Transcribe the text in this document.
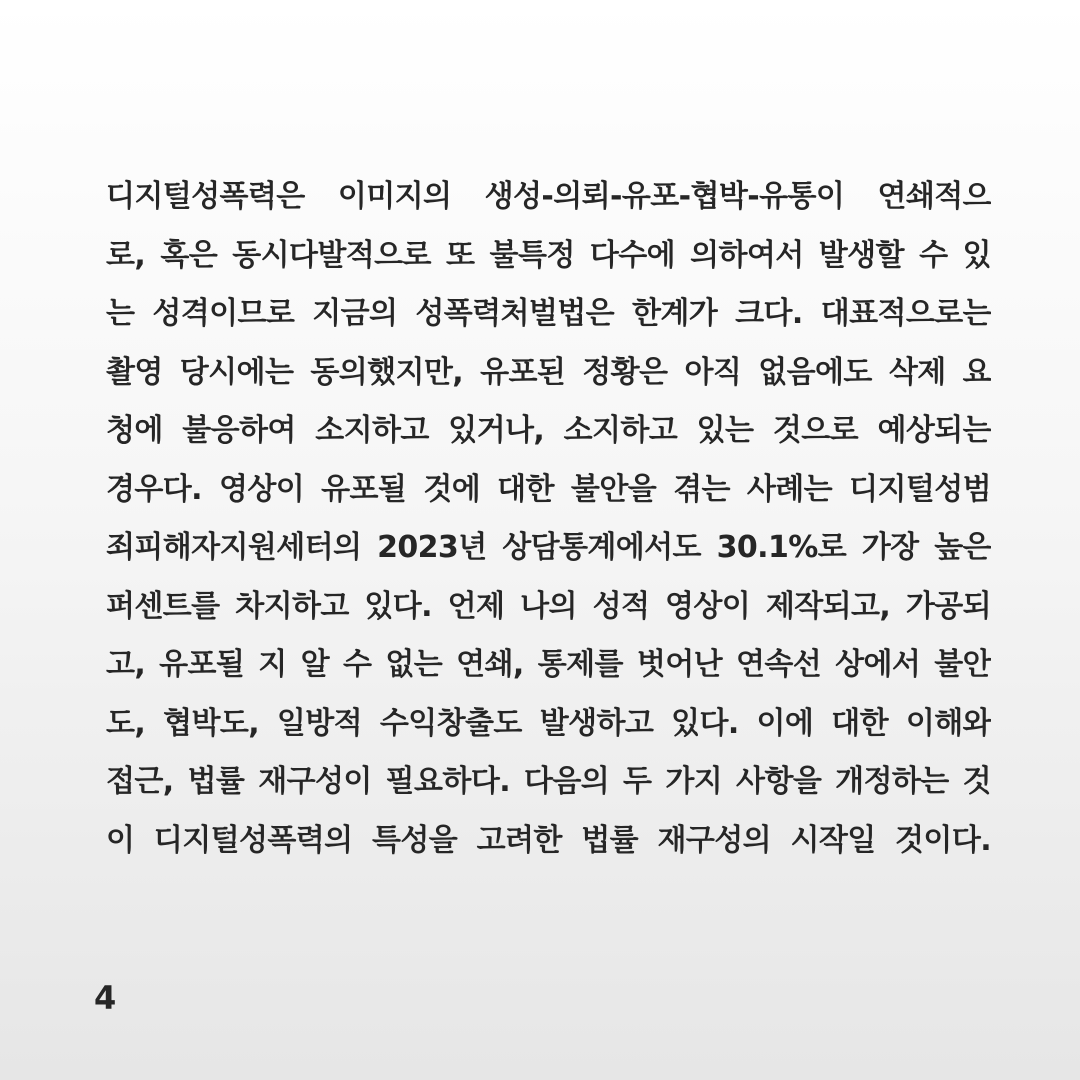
디지털성폭력은 이미지의 생성-의뢰-유포-협박-유통이 연쇄적으
로, 혹은 동시다발적으로 또 불특정 다수에 의하여서 발생할 수 있
는 성격이므로 지금의 성폭력처벌법은 한계가 크다. 대표적으로는
촬영 당시에는 동의했지만, 유포된 정황은 아직 없음에도 삭제 요
청에 불응하여 소지하고 있거나, 소지하고 있는 것으로 예상되는
경우다. 영상이 유포될 것에 대한 불안을 겪는 사례는 디지털성범
죄피해자지원세터의 2023년 상담통계에서도 30.1%로 가장 높은
퍼센트를 차지하고 있다. 언제 나의 성적 영상이 제작되고, 가공되
고, 유포될 지 알 수 없는 연쇄, 통제를 벗어난 연속선 상에서 불안
도, 협박도, 일방적 수익창출도 발생하고 있다. 이에 대한 이해와
접근, 법률 재구성이 필요하다. 다음의 두 가지 사항을 개정하는 것
이 디지털성폭력의 특성을 고려한 법률 재구성의 시작일 것이다.
4
